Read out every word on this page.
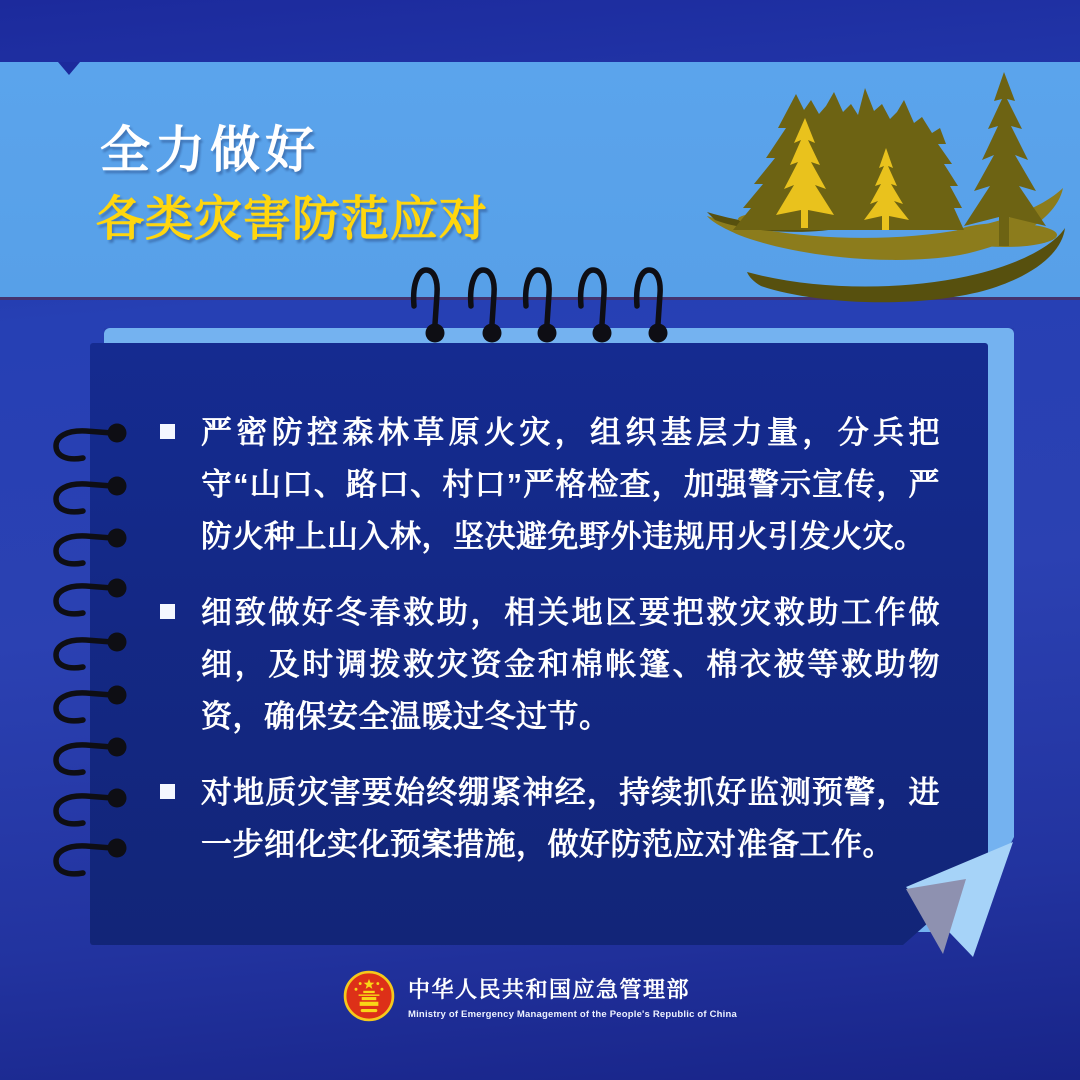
全力做好
各类灾害防范应对

严密防控森林草原火灾，组织基层力量，分兵把守“山口、路口、村口”严格检查，加强警示宣传，严防火种上山入林，坚决避免野外违规用火引发火灾。

细致做好冬春救助，相关地区要把救灾救助工作做细，及时调拨救灾资金和棉帐篷、棉衣被等救助物资，确保安全温暖过冬过节。

对地质灾害要始终绷紧神经，持续抓好监测预警，进一步细化实化预案措施，做好防范应对准备工作。

中华人民共和国应急管理部
Ministry of Emergency Management of the People's Republic of China
